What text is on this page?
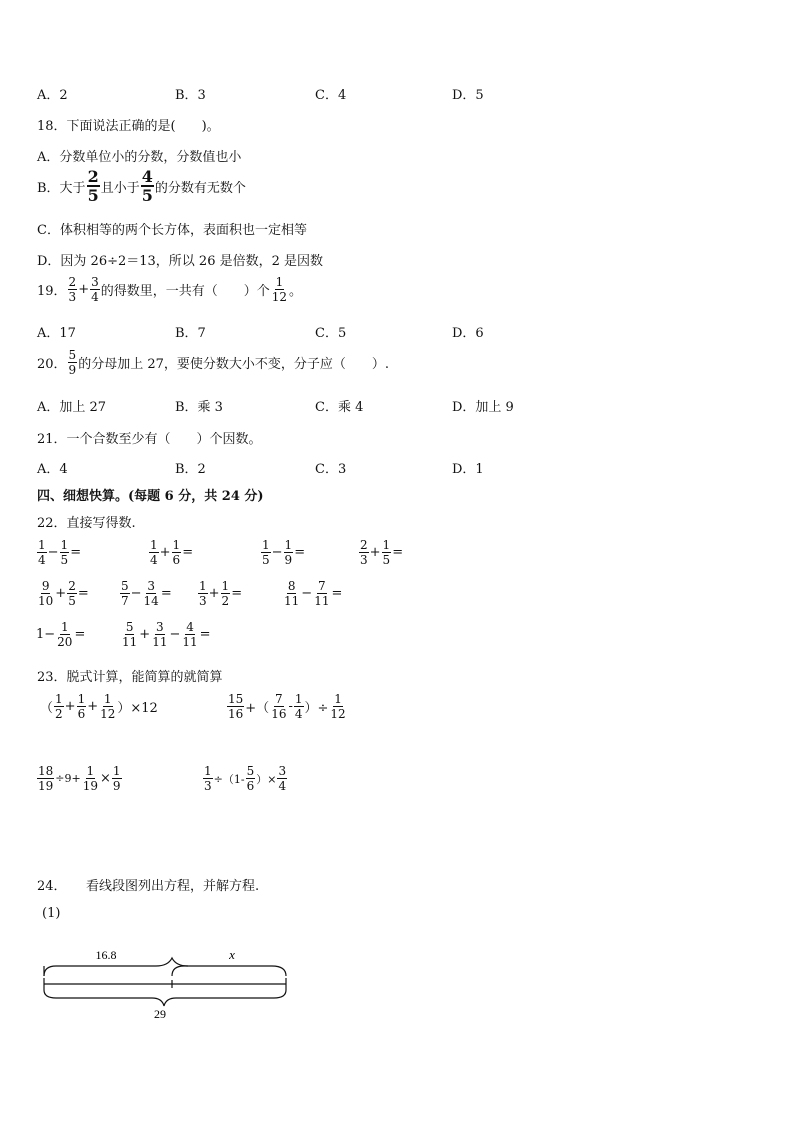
A．2	B．3	C．4	D．5
18．下面说法正确的是(　　)。
A．分数单位小的分数，分数值也小
B．大于 $\frac{2}{5}$ 且小于 $\frac{4}{5}$ 的分数有无数个
C．体积相等的两个长方体，表面积也一定相等
D．因为 26÷2＝13，所以 26 是倍数，2 是因数
19． $\frac{2}{3} + \frac{3}{4}$ 的得数里，一共有（　　）个 $\frac{1}{12}$ 。
A．17	B．7	C．5	D．6
20． $\frac{5}{9}$ 的分母加上 27，要使分数大小不变，分子应（　　）.
A．加上 27	B．乘 3	C．乘 4	D．加上 9
21．一个合数至少有（　　）个因数。
A．4	B．2	C．3	D．1
四、细想快算。(每题 6 分，共 24 分)
22．直接写得数.
$\frac{1}{4} - \frac{1}{5}$ =	$\frac{1}{4} + \frac{1}{6}$ =	$\frac{1}{5} - \frac{1}{9}$ =	$\frac{2}{3} + \frac{1}{5}$ =
$\frac{9}{10} + \frac{2}{5}$ =	$\frac{5}{7} - \frac{3}{14} = \frac{1}{3} + \frac{1}{2}$ =	$\frac{8}{11} - \frac{7}{11}$ =
$1- \frac{1}{20}$ =	$\frac{5}{11} + \frac{3}{11} - \frac{4}{11}$ =
23．脱式计算，能简算的就简算
（ $\frac{1}{2} + \frac{1}{6} + \frac{1}{12} )\times 12$	$\frac{15}{16}$ +（ $\frac{7}{16} - \frac{1}{4}$ ）÷ $\frac{1}{12}$
$\frac{18}{19} \div 9+ \frac{1}{19} \times \frac{1}{9}$	$\frac{1}{3} \div(1- \frac{5}{6}$ ）× $\frac{3}{4}$
24．　　看线段图列出方程，并解方程.
(1)
16.8	x
29
